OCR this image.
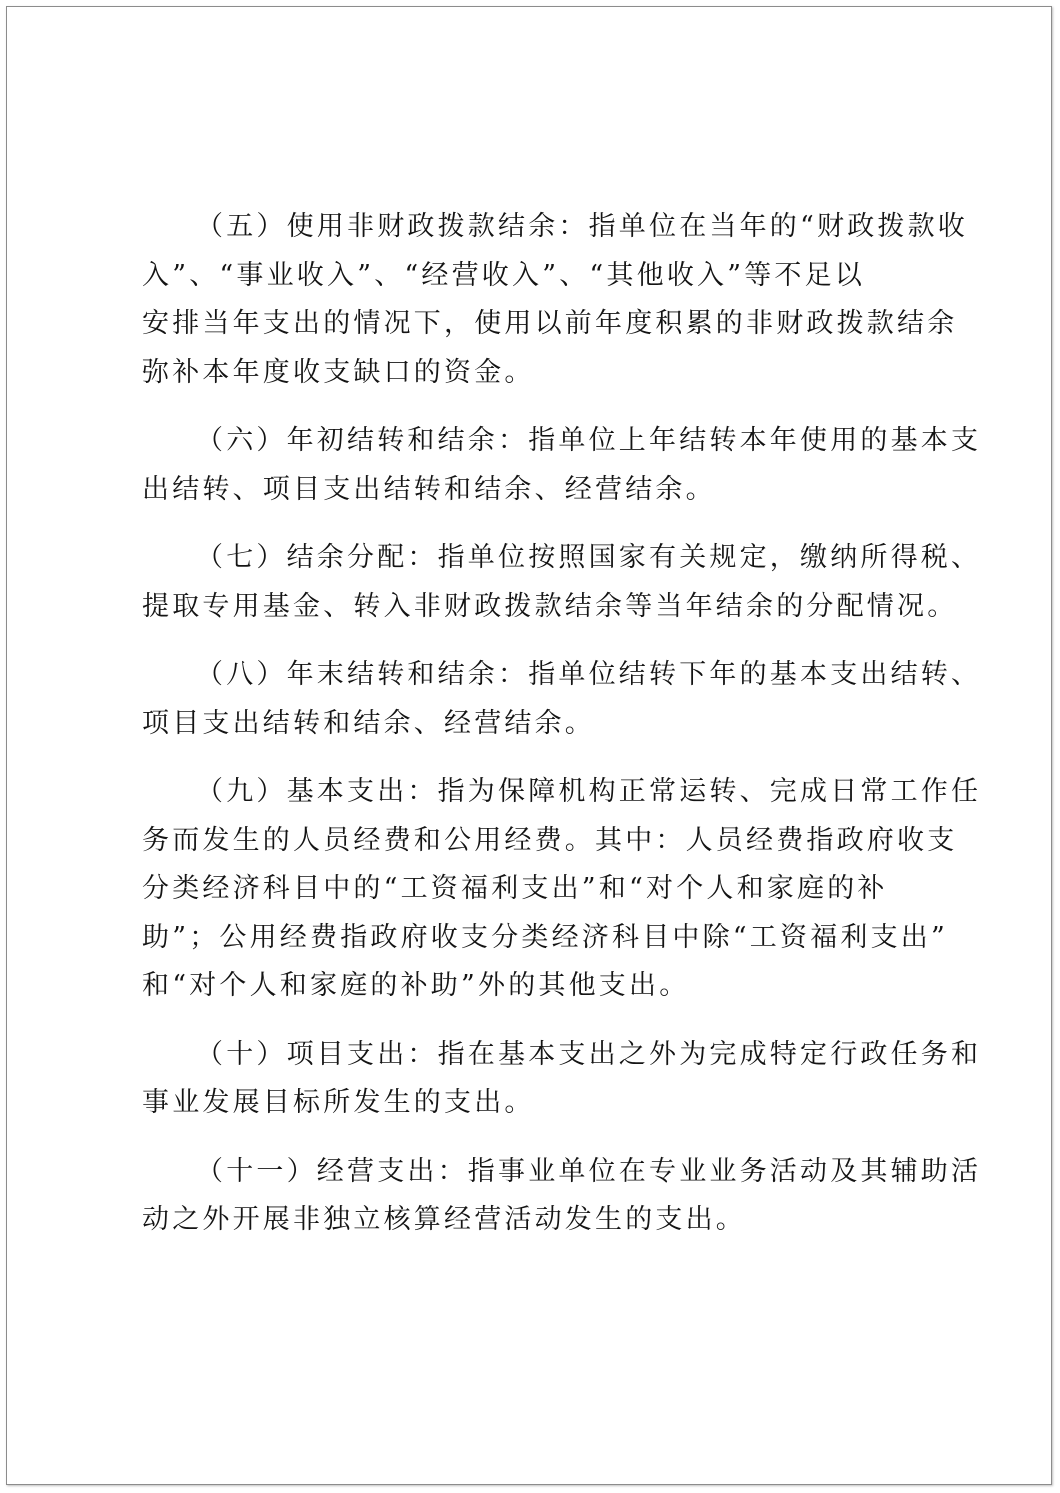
（五）使用非财政拨款结余：指单位在当年的“财政拨款收
入”、“事业收入”、“经营收入”、“其他收入”等不足以
安排当年支出的情况下，使用以前年度积累的非财政拨款结余
弥补本年度收支缺口的资金。

（六）年初结转和结余：指单位上年结转本年使用的基本支
出结转、项目支出结转和结余、经营结余。

（七）结余分配：指单位按照国家有关规定，缴纳所得税、
提取专用基金、转入非财政拨款结余等当年结余的分配情况。

（八）年末结转和结余：指单位结转下年的基本支出结转、
项目支出结转和结余、经营结余。

（九）基本支出：指为保障机构正常运转、完成日常工作任
务而发生的人员经费和公用经费。其中：人员经费指政府收支
分类经济科目中的“工资福利支出”和“对个人和家庭的补
助”；公用经费指政府收支分类经济科目中除“工资福利支出”
和“对个人和家庭的补助”外的其他支出。

（十）项目支出：指在基本支出之外为完成特定行政任务和
事业发展目标所发生的支出。

（十一）经营支出：指事业单位在专业业务活动及其辅助活
动之外开展非独立核算经营活动发生的支出。
